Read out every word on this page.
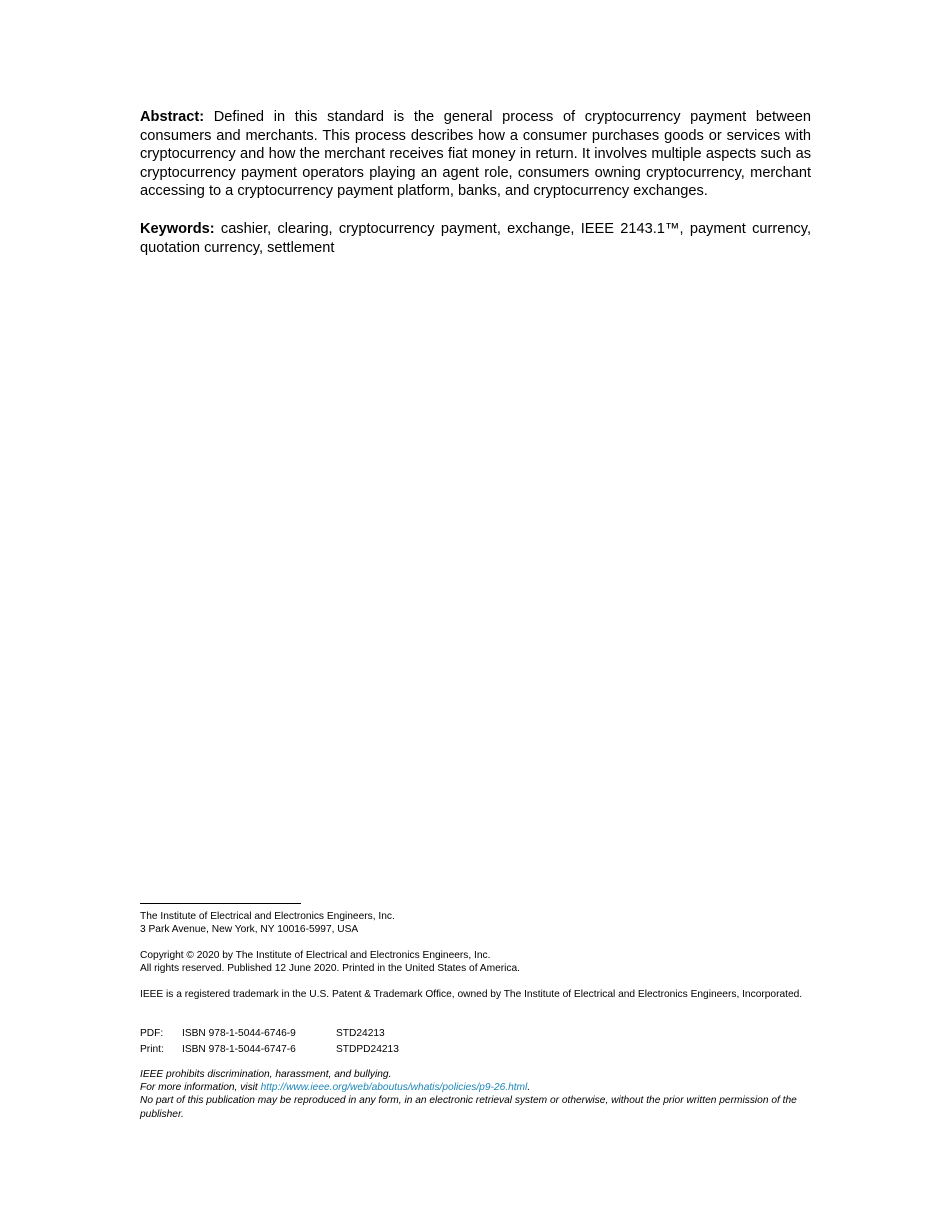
Abstract: Defined in this standard is the general process of cryptocurrency payment between consumers and merchants. This process describes how a consumer purchases goods or services with cryptocurrency and how the merchant receives fiat money in return. It involves multiple aspects such as cryptocurrency payment operators playing an agent role, consumers owning cryptocurrency, merchant accessing to a cryptocurrency payment platform, banks, and cryptocurrency exchanges.
Keywords: cashier, clearing, cryptocurrency payment, exchange, IEEE 2143.1™, payment currency, quotation currency, settlement
The Institute of Electrical and Electronics Engineers, Inc.
3 Park Avenue, New York, NY 10016-5997, USA
Copyright © 2020 by The Institute of Electrical and Electronics Engineers, Inc.
All rights reserved. Published 12 June 2020. Printed in the United States of America.
IEEE is a registered trademark in the U.S. Patent & Trademark Office, owned by The Institute of Electrical and Electronics Engineers, Incorporated.
PDF:	ISBN 978-1-5044-6746-9	STD24213
Print:	ISBN 978-1-5044-6747-6	STDPD24213
IEEE prohibits discrimination, harassment, and bullying.
For more information, visit http://www.ieee.org/web/aboutus/whatis/policies/p9-26.html.
No part of this publication may be reproduced in any form, in an electronic retrieval system or otherwise, without the prior written permission of the publisher.
